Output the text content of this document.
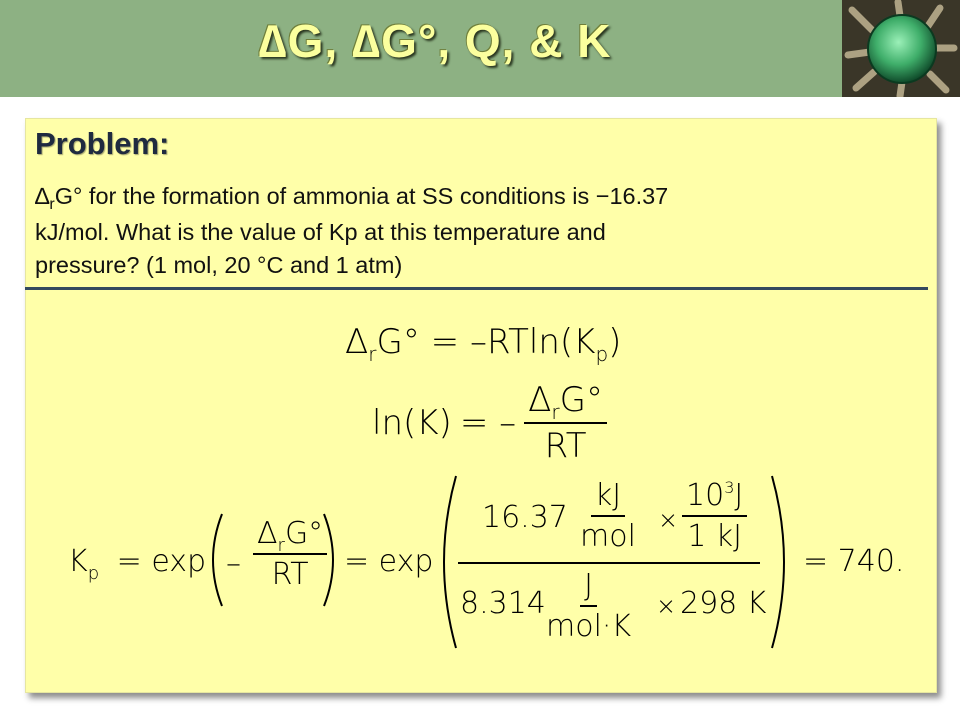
∆G, ∆G°, Q, & K
Problem:
$\Delta_rG^\circ$ for the formation of ammonia at SS conditions is −16.37
kJ/mol. What is the value of Kp at this temperature and
pressure? (1 mol, 20 °C and 1 atm)
$\Delta_rG^\circ = -RTln(K_p)$
ln(K) = – $\frac{\Delta_rG^\circ}{RT}$
$K_p = \exp - \frac{\Delta_rG^\circ}{RT} = \exp$
16.37
kJ
mol × $\frac{10^3J}{1 kJ}$
8.314
J
mol·K
× 298 K
= 740.
